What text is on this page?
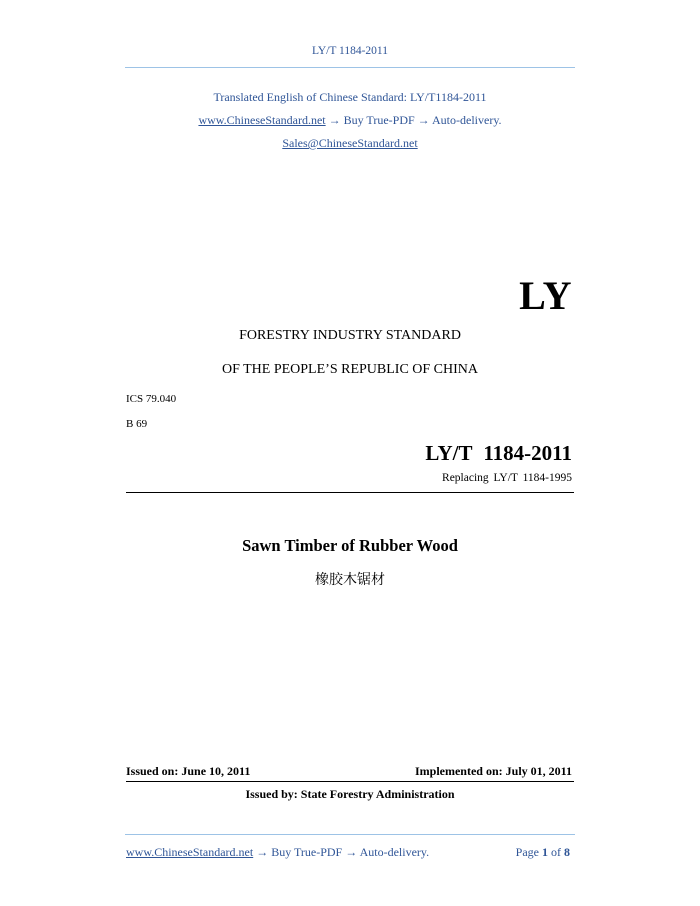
LY/T 1184-2011
Translated English of Chinese Standard: LY/T1184-2011
www.ChineseStandard.net → Buy True-PDF → Auto-delivery.
Sales@ChineseStandard.net
LY
FORESTRY INDUSTRY STANDARD
OF THE PEOPLE’S REPUBLIC OF CHINA
ICS 79.040
B 69
LY/T 1184-2011
Replacing LY/T 1184-1995
Sawn Timber of Rubber Wood
橡胶木锯材
Issued on: June 10, 2011	Implemented on: July 01, 2011
Issued by: State Forestry Administration
www.ChineseStandard.net → Buy True-PDF → Auto-delivery.	Page 1 of 8
